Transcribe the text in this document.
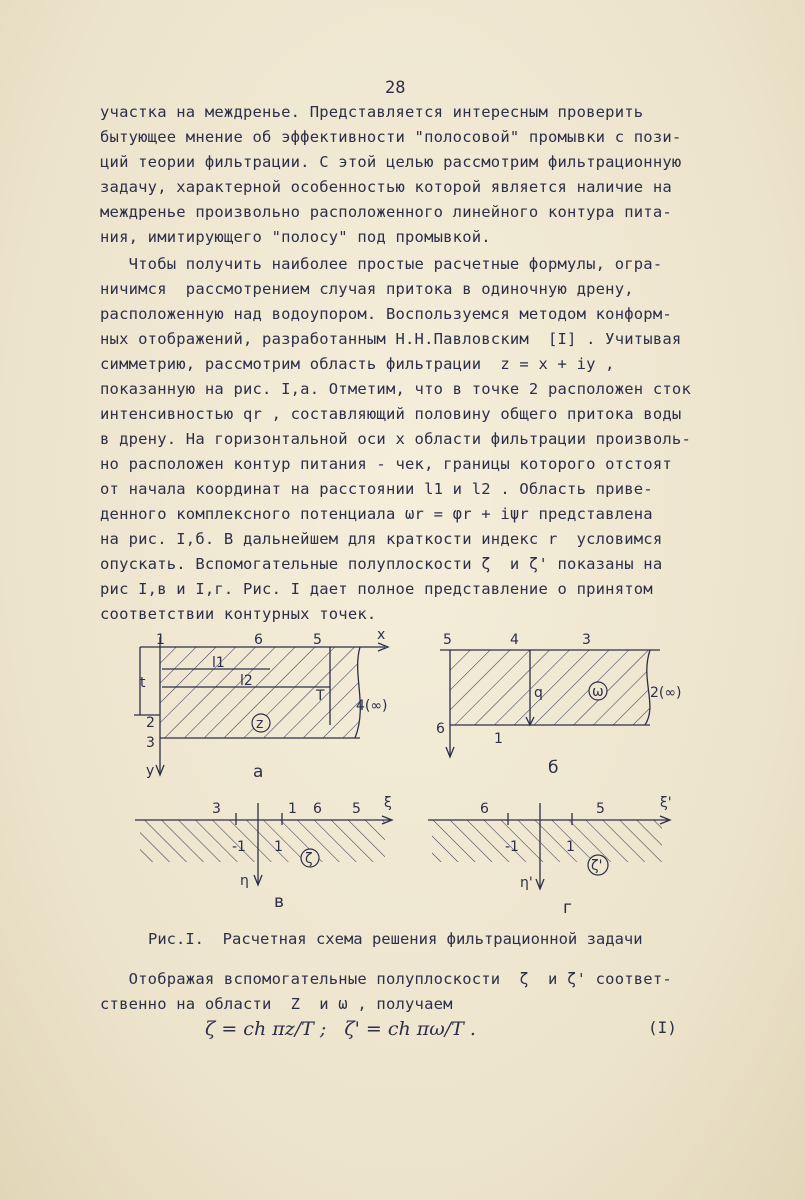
28
участка на междренье. Представляется интересным проверить
бытующее мнение об эффективности "полосовой" промывки с пози-
ций теории фильтрации. С этой целью рассмотрим фильтрационную
задачу, характерной особенностью которой является наличие на
междренье произвольно расположенного линейного контура пита-
ния, имитирующего "полосу" под промывкой.
Чтобы получить наиболее простые расчетные формулы, огра-
ничимся  рассмотрением случая притока в одиночную дрену,
расположенную над водоупором. Воспользуемся методом конформ-
ных отображений, разработанным Н.Н.Павловским  [I] . Учитывая
симметрию, рассмотрим область фильтрации  z = x + iy ,
показанную на рис. I,а. Отметим, что в точке 2 расположен сток
интенсивностью qr , составляющий половину общего притока воды
в дрену. На горизонтальной оси x области фильтрации произволь-
но расположен контур питания - чек, границы которого отстоят
от начала координат на расстоянии l1 и l2 . Область приве-
денного комплексного потенциала ωr = φr + iψr представлена
на рис. I,б. В дальнейшем для краткости индекс r  условимся
опускать. Вспомогательные полуплоскости ζ  и ζ' показаны на
рис I,в и I,г. Рис. I дает полное представление о принятом
соответствии контурных точек.
1	6	5	x
t
2
3
y
l1
l2
T
z
4(∞)
а
5	4	3
6
1
q	ω	2(∞)
б
3	1 6 5 ξ
-1 1
ζ
η
в
6	5	ξ'
-1	1
ζ'
η'
г
Рис.I.  Расчетная схема решения фильтрационной задачи
Отображая вспомогательные полуплоскости  ζ  и ζ' соответ-
ственно на области  Z  и ω , получаем
ζ = ch πz/T ;   ζ' = ch πω/T .	(I)
